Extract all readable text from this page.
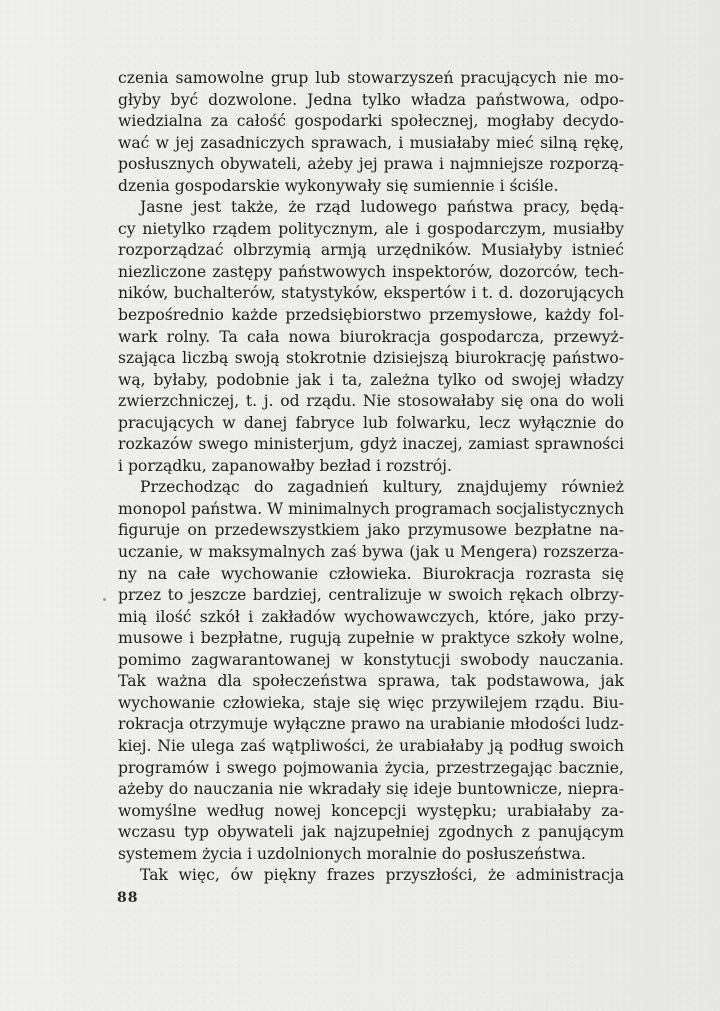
czenia samowolne grup lub stowarzyszeń pracujących nie mo-
głyby być dozwolone. Jedna tylko władza państwowa, odpo-
wiedzialna za całość gospodarki społecznej, mogłaby decydo-
wać w jej zasadniczych sprawach, i musiałaby mieć silną rękę,
posłusznych obywateli, ażeby jej prawa i najmniejsze rozporzą-
dzenia gospodarskie wykonywały się sumiennie i ściśle.
Jasne jest także, że rząd ludowego państwa pracy, będą-
cy nietylko rządem politycznym, ale i gospodarczym, musiałby
rozporządzać olbrzymią armją urzędników. Musiałyby istnieć
niezliczone zastępy państwowych inspektorów, dozorców, tech-
ników, buchalterów, statystyków, ekspertów i t. d. dozorujących
bezpośrednio każde przedsiębiorstwo przemysłowe, każdy fol-
wark rolny. Ta cała nowa biurokracja gospodarcza, przewyż-
szająca liczbą swoją stokrotnie dzisiejszą biurokrację państwo-
wą, byłaby, podobnie jak i ta, zależna tylko od swojej władzy
zwierzchniczej, t. j. od rządu. Nie stosowałaby się ona do woli
pracujących w danej fabryce lub folwarku, lecz wyłącznie do
rozkazów swego ministerjum, gdyż inaczej, zamiast sprawności
i porządku, zapanowałby bezład i rozstrój.
Przechodząc do zagadnień kultury, znajdujemy również
monopol państwa. W minimalnych programach socjalistycznych
figuruje on przedewszystkiem jako przymusowe bezpłatne na-
uczanie, w maksymalnych zaś bywa (jak u Mengera) rozszerza-
ny na całe wychowanie człowieka. Biurokracja rozrasta się
przez to jeszcze bardziej, centralizuje w swoich rękach olbrzy-
mią ilość szkół i zakładów wychowawczych, które, jako przy-
musowe i bezpłatne, rugują zupełnie w praktyce szkoły wolne,
pomimo zagwarantowanej w konstytucji swobody nauczania.
Tak ważna dla społeczeństwa sprawa, tak podstawowa, jak
wychowanie człowieka, staje się więc przywilejem rządu. Biu-
rokracja otrzymuje wyłączne prawo na urabianie młodości ludz-
kiej. Nie ulega zaś wątpliwości, że urabiałaby ją podług swoich
programów i swego pojmowania życia, przestrzegając bacznie,
ażeby do nauczania nie wkradały się ideje buntownicze, niepra-
womyślne według nowej koncepcji występku; urabiałaby za-
wczasu typ obywateli jak najzupełniej zgodnych z panującym
systemem życia i uzdolnionych moralnie do posłuszeństwa.
Tak więc, ów piękny frazes przyszłości, że administracja
88
